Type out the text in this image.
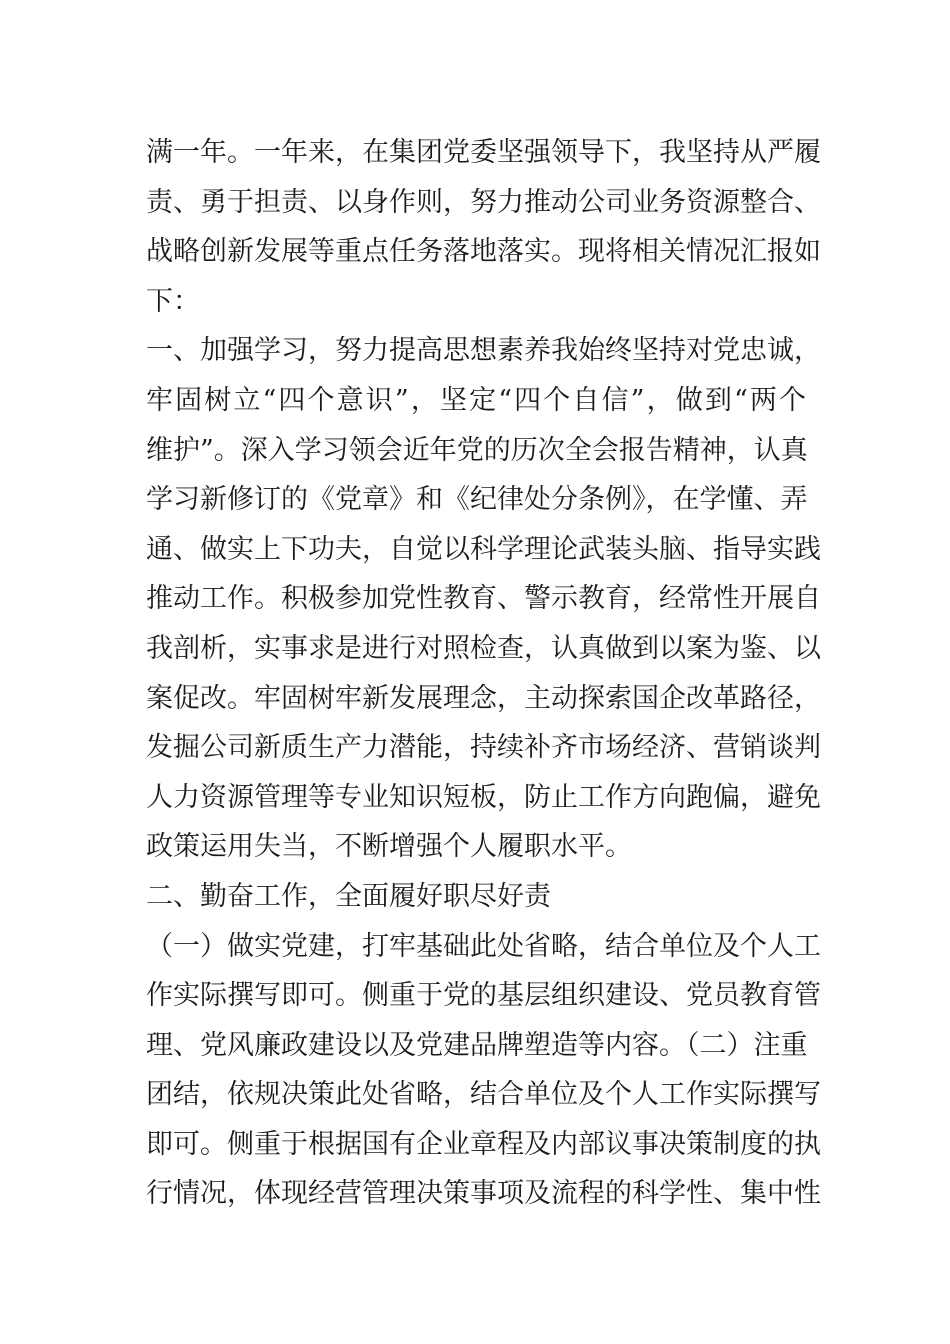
满一年。一年来，在集团党委坚强领导下，我坚持从严履
责、勇于担责、以身作则，努力推动公司业务资源整合、
战略创新发展等重点任务落地落实。现将相关情况汇报如
下：
一、加强学习，努力提高思想素养我始终坚持对党忠诚，
牢固树立“四个意识”，坚定“四个自信”，做到“两个
维护”。深入学习领会近年党的历次全会报告精神，认真
学习新修订的《党章》和《纪律处分条例》，在学懂、弄
通、做实上下功夫，自觉以科学理论武装头脑、指导实践
推动工作。积极参加党性教育、警示教育，经常性开展自
我剖析，实事求是进行对照检查，认真做到以案为鉴、以
案促改。牢固树牢新发展理念，主动探索国企改革路径，
发掘公司新质生产力潜能，持续补齐市场经济、营销谈判
人力资源管理等专业知识短板，防止工作方向跑偏，避免
政策运用失当，不断增强个人履职水平。
二、勤奋工作，全面履好职尽好责
（一）做实党建，打牢基础此处省略，结合单位及个人工
作实际撰写即可。侧重于党的基层组织建设、党员教育管
理、党风廉政建设以及党建品牌塑造等内容。（二）注重
团结，依规决策此处省略，结合单位及个人工作实际撰写
即可。侧重于根据国有企业章程及内部议事决策制度的执
行情况，体现经营管理决策事项及流程的科学性、集中性
